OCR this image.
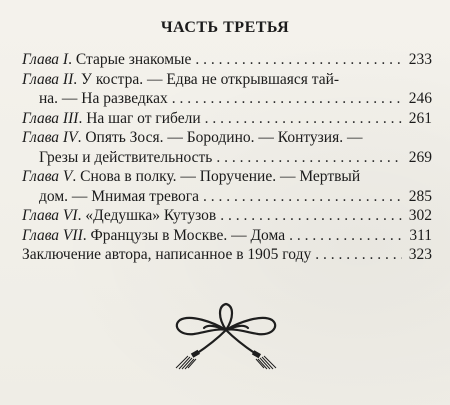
ЧАСТЬ ТРЕТЬЯ
Глава I . Старые знакомые . . .	233
Глава II . У костра. — Едва не открывшаяся тай-
на. — На разведках . . .	246
Глава III . На шаг от гибели . . .	261
Глава IV . Опять Зося. — Бородино. — Контузия. —
Грезы и действительность . . .	269
Глава V . Снова в полку. — Поручение. — Мертвый
дом. — Мнимая тревога . . .	285
Глава VI . «Дедушка» Кутузов . . .	302
Глава VII . Французы в Москве. — Дома . . .	311
Заключение автора, написанное в 1905 году . . .	323
